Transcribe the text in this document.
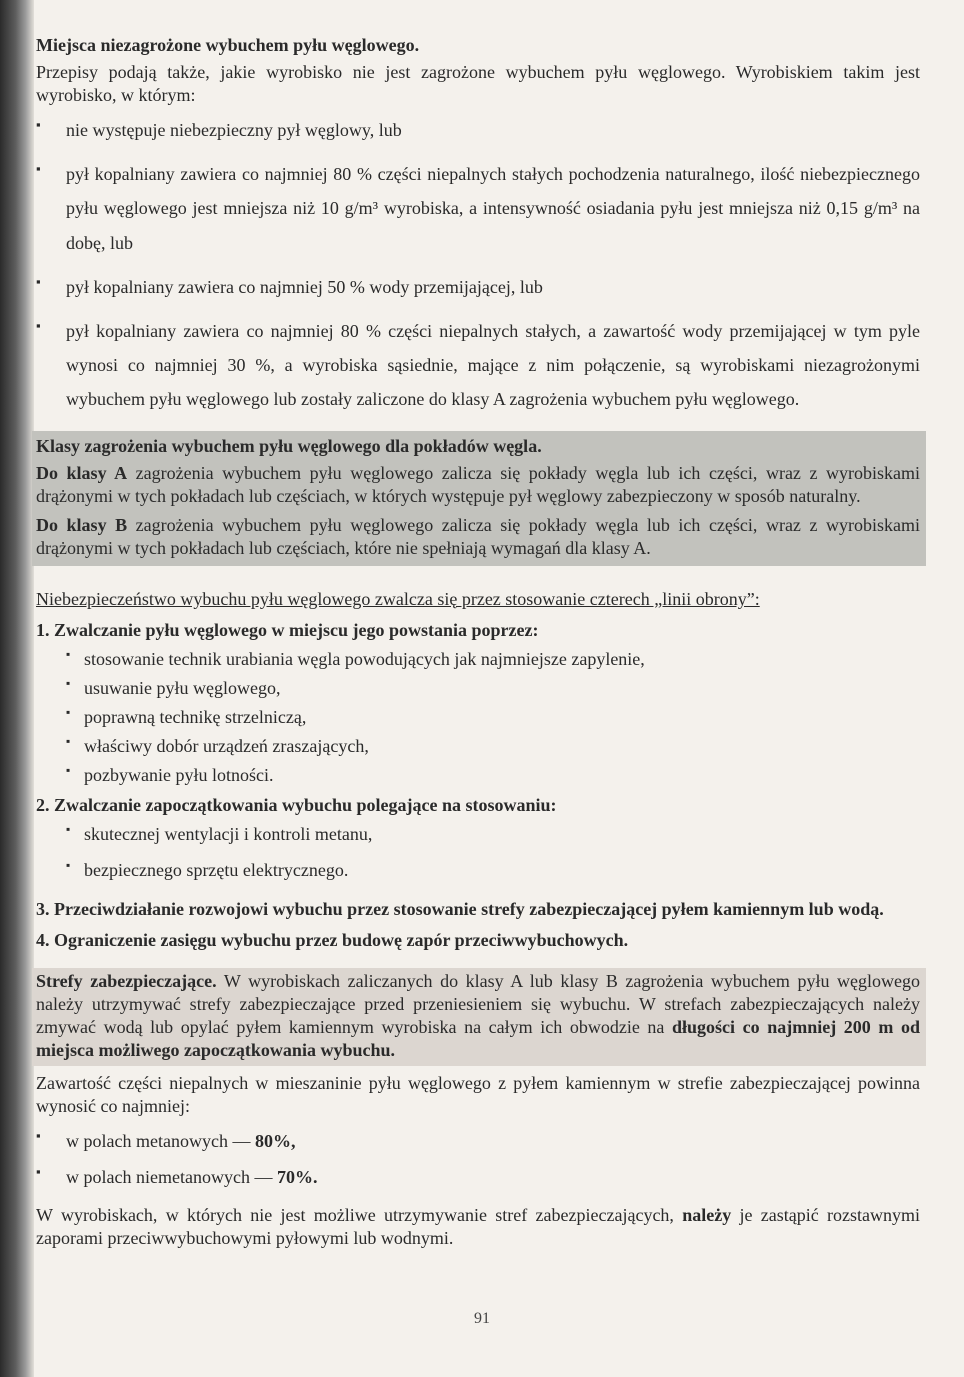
Miejsca niezagrożone wybuchem pyłu węglowego.

Przepisy podają także, jakie wyrobisko nie jest zagrożone wybuchem pyłu węglowego. Wyrobiskiem takim jest wyrobisko, w którym:

▪ nie występuje niebezpieczny pył węglowy, lub
▪ pył kopalniany zawiera co najmniej 80 % części niepalnych stałych pochodzenia naturalnego, ilość niebezpiecznego pyłu węglowego jest mniejsza niż 10 g/m³ wyrobiska, a intensywność osiadania pyłu jest mniejsza niż 0,15 g/m³ na dobę, lub
▪ pył kopalniany zawiera co najmniej 50 % wody przemijającej, lub
▪ pył kopalniany zawiera co najmniej 80 % części niepalnych stałych, a zawartość wody przemijającej w tym pyle wynosi co najmniej 30 %, a wyrobiska sąsiednie, mające z nim połączenie, są wyrobiskami niezagrożonymi wybuchem pyłu węglowego lub zostały zaliczone do klasy A zagrożenia wybuchem pyłu węglowego.
Klasy zagrożenia wybuchem pyłu węglowego dla pokładów węgla.

Do klasy A zagrożenia wybuchem pyłu węglowego zalicza się pokłady węgla lub ich części, wraz z wyrobiskami drążonymi w tych pokładach lub częściach, w których występuje pył węglowy zabezpieczony w sposób naturalny.

Do klasy B zagrożenia wybuchem pyłu węglowego zalicza się pokłady węgla lub ich części, wraz z wyrobiskami drążonymi w tych pokładach lub częściach, które nie spełniają wymagań dla klasy A.

Niebezpieczeństwo wybuchu pyłu węglowego zwalcza się przez stosowanie czterech „linii obrony”:

1. Zwalczanie pyłu węglowego w miejscu jego powstania poprzez:
▪ stosowanie technik urabiania węgla powodujących jak najmniejsze zapylenie,
▪ usuwanie pyłu węglowego,
▪ poprawną technikę strzelniczą,
▪ właściwy dobór urządzeń zraszających,
▪ pozbywanie pyłu lotności.
2. Zwalczanie zapoczątkowania wybuchu polegające na stosowaniu:
▪ skutecznej wentylacji i kontroli metanu,
▪ bezpiecznego sprzętu elektrycznego.
3. Przeciwdziałanie rozwojowi wybuchu przez stosowanie strefy zabezpieczającej pyłem kamiennym lub wodą.
4. Ograniczenie zasięgu wybuchu przez budowę zapór przeciwwybuchowych.

Strefy zabezpieczające. W wyrobiskach zaliczanych do klasy A lub klasy B zagrożenia wybuchem pyłu węglowego należy utrzymywać strefy zabezpieczające przed przeniesieniem się wybuchu. W strefach zabezpieczających należy zmywać wodą lub opylać pyłem kamiennym wyrobiska na całym ich obwodzie na długości co najmniej 200 m od miejsca możliwego zapoczątkowania wybuchu.

Zawartość części niepalnych w mieszaninie pyłu węglowego z pyłem kamiennym w strefie zabezpieczającej powinna wynosić co najmniej:

▪ w polach metanowych — 80%,
▪ w polach niemetanowych — 70%.

W wyrobiskach, w których nie jest możliwe utrzymywanie stref zabezpieczających, należy je zastąpić rozstawnymi zaporami przeciwwybuchowymi pyłowymi lub wodnymi.

91
